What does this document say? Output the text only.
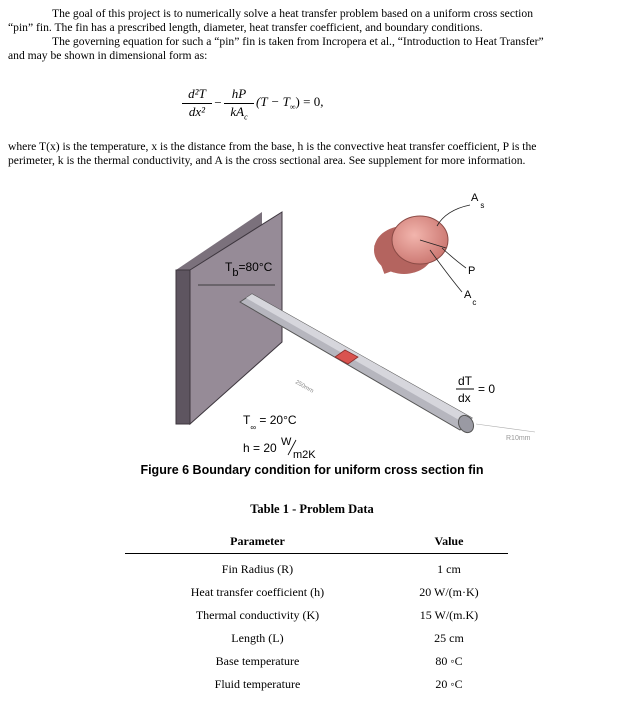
The goal of this project is to numerically solve a heat transfer problem based on a uniform cross section
“pin” fin. The fin has a prescribed length, diameter, heat transfer coefficient, and boundary conditions.
The governing equation for such a “pin” fin is taken from Incropera et al., “Introduction to Heat Transfer”
and may be shown in dimensional form as:
d²T
dx²
−
hP
$kA_c$
$(T - T_\infty) = 0$,
where T(x) is the temperature, x is the distance from the base, h is the convective heat transfer coefficient, P is the
perimeter, k is the thermal conductivity, and A is the cross sectional area. See supplement for more information.
250mm
R10mm
Tb=80°C
$A_s$
P
$A_c$
dT
dx
= 0
$T_\infty = 20^\circ C$
h = 20 W
m2K
Figure 6 Boundary condition for uniform cross section fin
Table 1 - Problem Data
Parameter	Value
Fin Radius (R)	1 cm
Heat transfer coefficient (h)	20 W/(m·K)
Thermal conductivity (K)	15 W/(m.K)
Length (L)	25 cm
Base temperature	80 ◦C
Fluid temperature	20 ◦C
